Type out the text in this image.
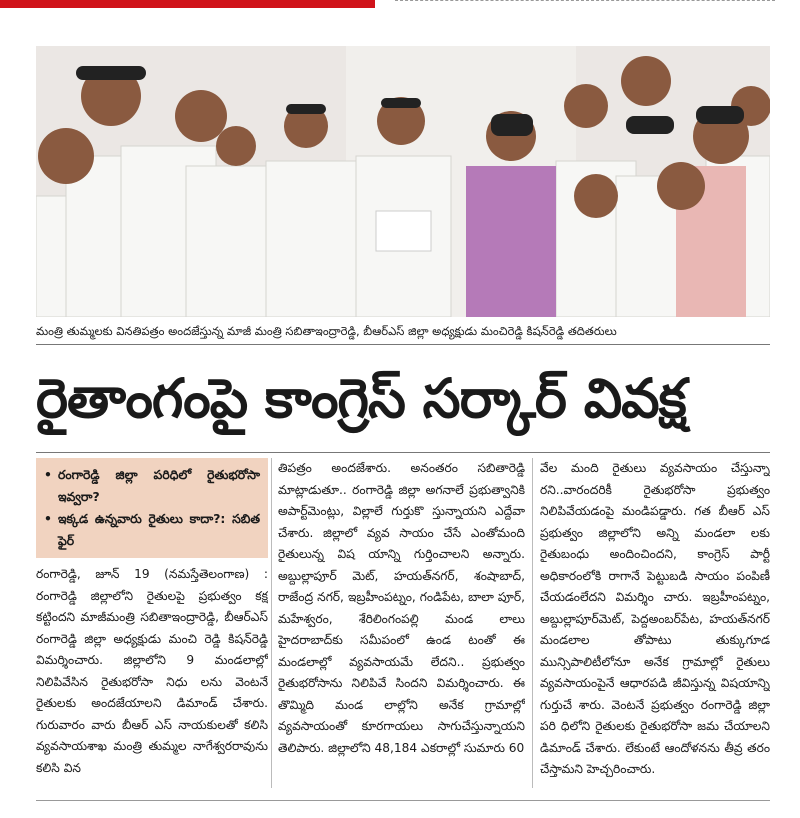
మంత్రి తుమ్మలకు వినతిపత్రం అందజేస్తున్న మాజీ మంత్రి సబితాఇంద్రారెడ్డి, బీఆర్ఎస్ జిల్లా అధ్యక్షుడు మంచిరెడ్డి కిషన్‌రెడ్డి తదితరులు
రైతాంగంపై కాంగ్రెస్ సర్కార్ వివక్ష
• రంగారెడ్డి జిల్లా పరిధిలో రైతుభరోసా ఇవ్వరా?
• ఇక్కడ ఉన్నవారు రైతులు కాదా?: సబిత ఫైర్

రంగారెడ్డి, జూన్ 19 (నమస్తేతెలంగాణ) : రంగారెడ్డి జిల్లాలోని రైతులపై ప్రభుత్వం కక్ష కట్టిందని మాజీమంత్రి సబితాఇంద్రారెడ్డి, బీఆర్ఎస్ రంగారెడ్డి జిల్లా అధ్యక్షుడు మంచి రెడ్డి కిషన్‌రెడ్డి విమర్శించారు. జిల్లాలోని 9 మండలాల్లో నిలిపివేసిన రైతుభరోసా నిధు లను వెంటనే రైతులకు అందజేయాలని డిమాండ్ చేశారు. గురువారం వారు బీఆర్ ఎస్ నాయకులతో కలిసి వ్యవసాయశాఖ మంత్రి తుమ్మల నాగేశ్వరరావును కలిసి విన

తిపత్రం అందజేశారు. అనంతరం సబితారెడ్డి మాట్లాడుతూ.. రంగారెడ్డి జిల్లా అగనాలే ప్రభుత్వానికి అపార్ట్‌మెంట్లు, విల్లాలే గుర్తుకొ స్తున్నాయని ఎద్దేవా చేశారు. జిల్లాలో వ్యవ సాయం చేసే ఎంతోమంది రైతులున్న విష యాన్ని గుర్తించాలని అన్నారు. అబ్దుల్లాపూర్ మెట్, హయత్‌నగర్, శంషాబాద్, రాజేంద్ర నగర్, ఇబ్రహీంపట్నం, గండిపేట, బాలా పూర్, మహేశ్వరం, శేరిలింగంపల్లి మండ లాలు హైదరాబాద్‌కు సమీపంలో ఉండ టంతో ఈ మండలాల్లో వ్యవసాయమే లేదని.. ప్రభుత్వం రైతుభరోసాను నిలిపివే సిందని విమర్శించారు. ఈ తొమ్మిది మండ లాల్లోని అనేక గ్రామాల్లో వ్యవసాయంతో కూరగాయలు సాగుచేస్తున్నాయని తెలిపారు. జిల్లాలోని 48,184 ఎకరాల్లో సుమారు 60

వేల మంది రైతులు వ్యవసాయం చేస్తున్నా రని..వారందరికీ రైతుభరోసా ప్రభుత్వం నిలిపివేయడంపై మండిపడ్డారు. గత బీఆర్ ఎస్ ప్రభుత్వం జిల్లాలోని అన్ని మండలా లకు రైతుబంధు అందించిందని, కాంగ్రెస్ పార్టీ అధికారంలోకి రాగానే పెట్టుబడి సాయం పంపిణీ చేయడంలేదని విమర్శిం చారు. ఇబ్రహీంపట్నం, అబ్దుల్లాపూర్‌మెట్, పెద్దఅంబర్‌పేట, హయత్‌నగర్ మండలాల తోపాటు తుక్కుగూడ మున్సిపాలిటీలోనూ అనేక గ్రామాల్లో రైతులు వ్యవసాయంపైనే ఆధారపడి జీవిస్తున్న విషయాన్ని గుర్తుచే శారు. వెంటనే ప్రభుత్వం రంగారెడ్డి జిల్లా పరి ధిలోని రైతులకు రైతుభరోసా జమ చేయాలని డిమాండ్ చేశారు. లేకుంటే ఆందోళనను తీవ్ర తరం చేస్తామని హెచ్చరించారు.
